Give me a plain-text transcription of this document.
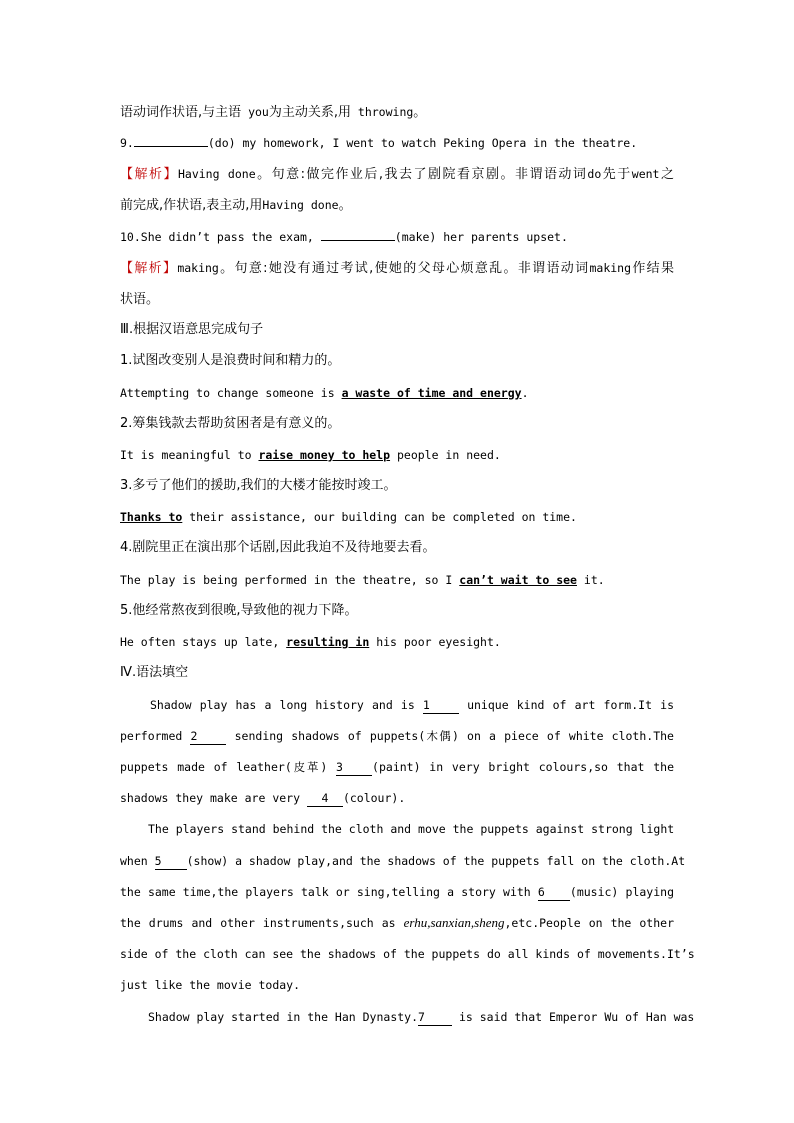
语动词作状语,与主语 you为主动关系,用 throwing。
9.	(do) my homework, I went to watch Peking Opera in the theatre.
【解析】Having done。句意:做完作业后,我去了剧院看京剧。非谓语动词do先于went之
前完成,作状语,表主动,用Having done。
10.She didn’t pass the exam,	(make) her parents upset.
【解析】making。句意:她没有通过考试,使她的父母心烦意乱。非谓语动词making作结果
状语。
Ⅲ.根据汉语意思完成句子
1.试图改变别人是浪费时间和精力的。
Attempting to change someone is a waste of time and energy.
2.筹集钱款去帮助贫困者是有意义的。
It is meaningful to raise money to help people in need.
3.多亏了他们的援助,我们的大楼才能按时竣工。
Thanks to their assistance, our building can be completed on time.
4.剧院里正在演出那个话剧,因此我迫不及待地要去看。
The play is being performed in the theatre, so I can’t wait to see it.
5.他经常熬夜到很晚,导致他的视力下降。
He often stays up late, resulting in his poor eyesight.
Ⅳ.语法填空
Shadow play has a long history and is 1	unique kind of art form.It is
performed 2	sending shadows of puppets(木偶) on a piece of white cloth.The
puppets made of leather(皮革) 3	(paint) in very bright colours,so that the
shadows they make are very 4 (colour).
The players stand behind the cloth and move the puppets against strong light
when 5 (show) a shadow play,and the shadows of the puppets fall on the cloth.At
the same time,the players talk or sing,telling a story with 6 (music) playing
the drums and other instruments,such as erhu,sanxian,sheng,etc.People on the other
side of the cloth can see the shadows of the puppets do all kinds of movements.It’s
just like the movie today.
Shadow play started in the Han Dynasty.7 is said that Emperor Wu of Han was
